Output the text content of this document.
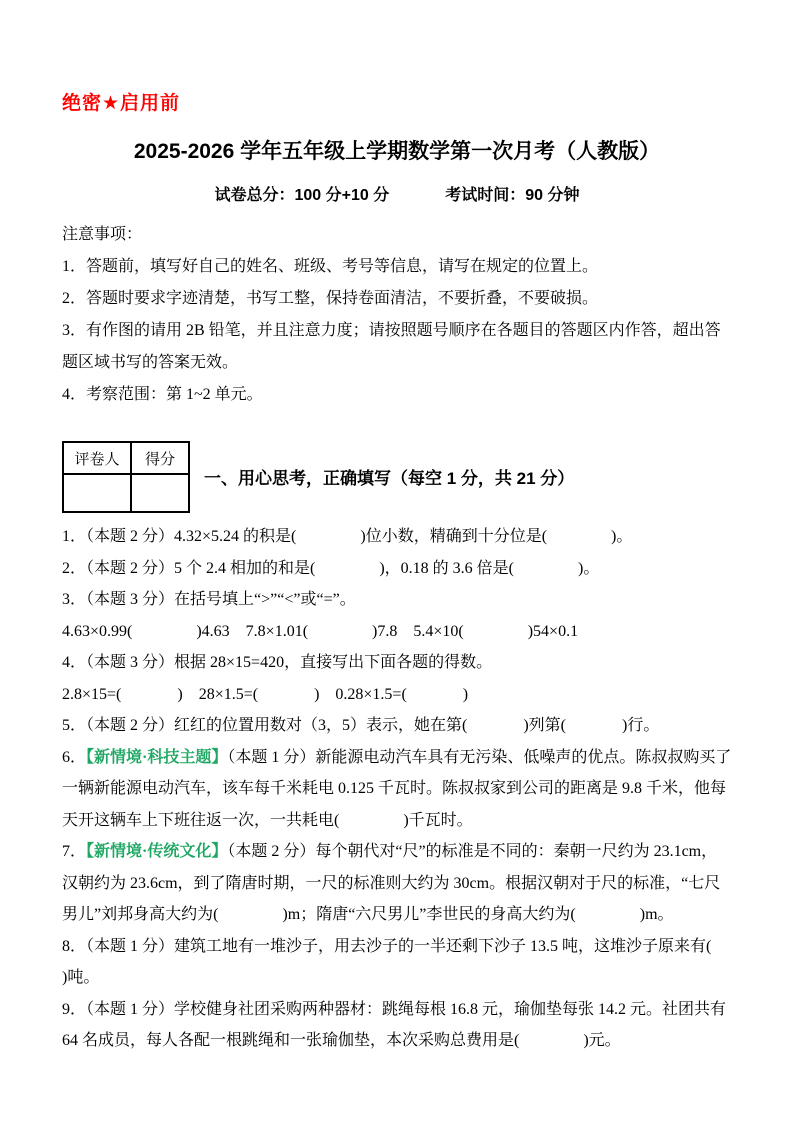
绝密★启用前
2025-2026 学年五年级上学期数学第一次月考（人教版）
试卷总分：100 分+10 分	考试时间：90 分钟

注意事项：

1．答题前，填写好自己的姓名、班级、考号等信息，请写在规定的位置上。

2．答题时要求字迹清楚，书写工整，保持卷面清洁，不要折叠，不要破损。

3．有作图的请用 2B 铅笔，并且注意力度；请按照题号顺序在各题目的答题区内作答，超出答题区域书写的答案无效。

4．考察范围：第 1~2 单元。

评卷人	得分

一、用心思考，正确填写（每空 1 分，共 21 分）

1．（本题 2 分）4.32×5.24 的积是(                )位小数，精确到十分位是(                )。

2．（本题 2 分）5 个 2.4 相加的和是(                )，0.18 的 3.6 倍是(                )。

3．（本题 3 分）在括号填上“>”“<”或“=”。

4.63×0.99(                )4.63    7.8×1.01(                )7.8    5.4×10(                )54×0.1

4．（本题 3 分）根据 28×15=420，直接写出下面各题的得数。

2.8×15=(              )    28×1.5=(              )    0.28×1.5=(              )

5．（本题 2 分）红红的位置用数对（3，5）表示，她在第(              )列第(              )行。

6．【新情境·科技主题】（本题 1 分）新能源电动汽车具有无污染、低噪声的优点。陈叔叔购买了一辆新能源电动汽车，该车每千米耗电 0.125 千瓦时。陈叔叔家到公司的距离是 9.8 千米，他每天开这辆车上下班往返一次，一共耗电(                )千瓦时。

7．【新情境·传统文化】（本题 2 分）每个朝代对“尺”的标准是不同的：秦朝一尺约为 23.1cm，汉朝约为 23.6cm，到了隋唐时期，一尺的标准则大约为 30cm。根据汉朝对于尺的标准，“七尺男儿”刘邦身高大约为(                )m；隋唐“六尺男儿”李世民的身高大约为(                )m。

8．（本题 1 分）建筑工地有一堆沙子，用去沙子的一半还剩下沙子 13.5 吨，这堆沙子原来有(                )吨。

9．（本题 1 分）学校健身社团采购两种器材：跳绳每根 16.8 元，瑜伽垫每张 14.2 元。社团共有 64 名成员，每人各配一根跳绳和一张瑜伽垫，本次采购总费用是(                )元。
